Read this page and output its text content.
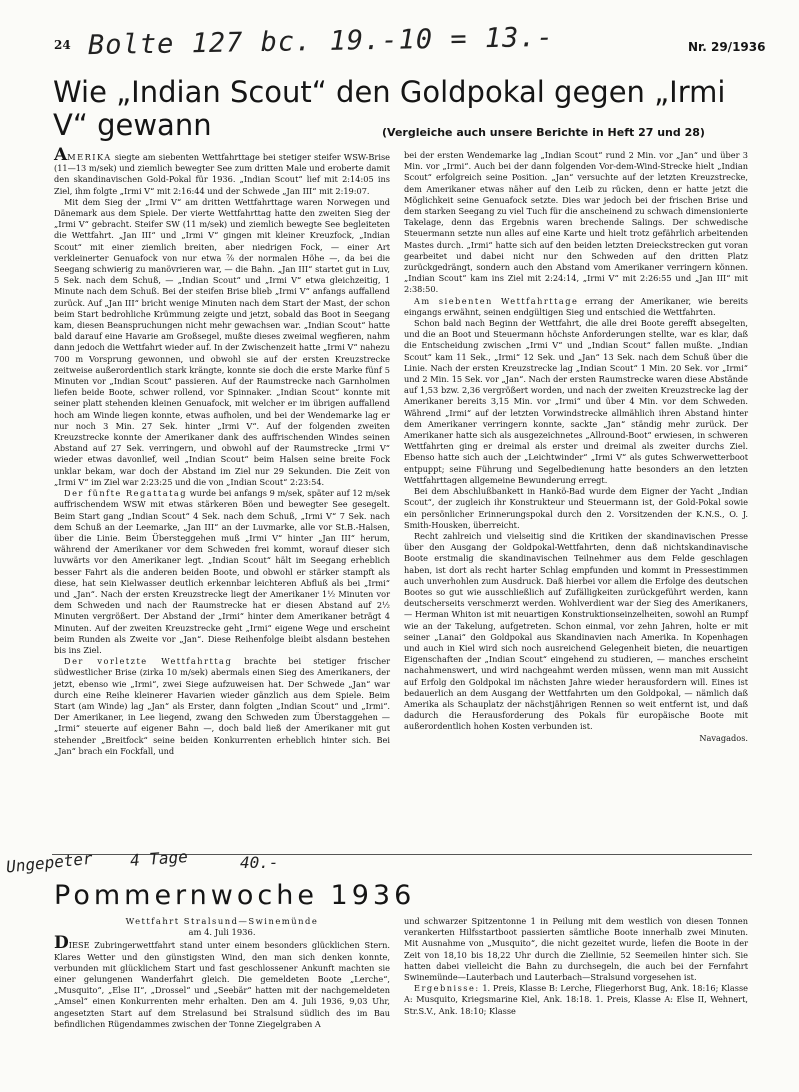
24 Bolte 127 bc. 19.-10 = 13.-	Nr. 29/1936
Wie „Indian Scout“ den Goldpokal gegen „Irmi V“ gewann	(Vergleiche auch unsere Berichte in Heft 27 und 28)

AMERIKA siegte am siebenten Wettfahrttage bei stetiger steifer WSW-Brise (11—13 m/sek) und ziemlich bewegter See zum dritten Male und eroberte damit den skandinavischen Gold-Pokal für 1936. „Indian Scout“ lief mit 2:14:05 ins Ziel, ihm folgte „Irmi V“ mit 2:16:44 und der Schwede „Jan III“ mit 2:19:07.

Mit dem Sieg der „Irmi V“ am dritten Wettfahrttage waren Norwegen und Dänemark aus dem Spiele. Der vierte Wettfahrttag hatte den zweiten Sieg der „Irmi V“ gebracht. Steifer SW (11 m/sek) und ziemlich bewegte See begleiteten die Wettfahrt. „Jan III“ und „Irmi V“ gingen mit kleiner Kreuzfock, „Indian Scout“ mit einer ziemlich breiten, aber niedrigen Fock, — einer Art verkleinerter Genuafock von nur etwa ⅞ der normalen Höhe —, da bei die Seegang schwierig zu manövrieren war, — die Bahn. „Jan III“ startet gut in Luv, 5 Sek. nach dem Schuß, — „Indian Scout“ und „Irmi V“ etwa gleichzeitig, 1 Minute nach dem Schuß. Bei der steifen Brise blieb „Irmi V“ anfangs auffallend zurück. Auf „Jan III“ bricht wenige Minuten nach dem Start der Mast, der schon beim Start bedrohliche Krümmung zeigte und jetzt, sobald das Boot in Seegang kam, diesen Beanspruchungen nicht mehr gewachsen war. „Indian Scout“ hatte bald darauf eine Havarie am Großsegel, mußte dieses zweimal wegfieren, nahm dann jedoch die Wettfahrt wieder auf. In der Zwischenzeit hatte „Irmi V“ nahezu 700 m Vorsprung gewonnen, und obwohl sie auf der ersten Kreuzstrecke zeitweise außerordentlich stark krängte, konnte sie doch die erste Marke fünf 5 Minuten vor „Indian Scout“ passieren. Auf der Raumstrecke nach Garnholmen liefen beide Boote, schwer rollend, vor Spinnaker. „Indian Scout“ konnte mit seiner platt stehenden kleinen Genuafock, mit welcher er im übrigen auffallend hoch am Winde liegen konnte, etwas aufholen, und bei der Wendemarke lag er nur noch 3 Min. 27 Sek. hinter „Irmi V“. Auf der folgenden zweiten Kreuzstrecke konnte der Amerikaner dank des auffrischenden Windes seinen Abstand auf 27 Sek. verringern, und obwohl auf der Raumstrecke „Irmi V“ wieder etwas davonlief, weil „Indian Scout“ beim Halsen seine breite Fock unklar bekam, war doch der Abstand im Ziel nur 29 Sekunden. Die Zeit von „Irmi V“ im Ziel war 2:23:25 und die von „Indian Scout“ 2:23:54.

Der fünfte Regattatag wurde bei anfangs 9 m/sek, später auf 12 m/sek auffrischendem WSW mit etwas stärkeren Böen und bewegter See gesegelt. Beim Start gang „Indian Scout“ 4 Sek. nach dem Schuß, „Irmi V“ 7 Sek. nach dem Schuß an der Leemarke, „Jan III“ an der Luvmarke, alle vor St.B.-Halsen, über die Linie. Beim Übersteggehen muß „Irmi V“ hinter „Jan III“ herum, während der Amerikaner vor dem Schweden frei kommt, worauf dieser sich luvwärts vor den Amerikaner legt. „Indian Scout“ hält im Seegang erheblich besser Fahrt als die anderen beiden Boote, und obwohl er stärker stampft als diese, hat sein Kielwasser deutlich erkennbar leichteren Abfluß als bei „Irmi“ und „Jan“. Nach der ersten Kreuzstrecke liegt der Amerikaner 1½ Minuten vor dem Schweden und nach der Raumstrecke hat er diesen Abstand auf 2½ Minuten vergrößert. Der Abstand der „Irmi“ hinter dem Amerikaner beträgt 4 Minuten. Auf der zweiten Kreuzstrecke geht „Irmi“ eigene Wege und erscheint beim Runden als Zweite vor „Jan“. Diese Reihenfolge bleibt alsdann bestehen bis ins Ziel.

Der vorletzte Wettfahrttag brachte bei stetiger frischer südwestlicher Brise (zirka 10 m/sek) abermals einen Sieg des Amerikaners, der jetzt, ebenso wie „Irmi“, zwei Siege aufzuweisen hat. Der Schwede „Jan“ war durch eine Reihe kleinerer Havarien wieder gänzlich aus dem Spiele. Beim Start (am Winde) lag „Jan“ als Erster, dann folgten „Indian Scout“ und „Irmi“. Der Amerikaner, in Lee liegend, zwang den Schweden zum Überstaggehen — „Irmi“ steuerte auf eigener Bahn —, doch bald ließ der Amerikaner mit gut stehender „Breitfock“ seine beiden Konkurrenten erheblich hinter sich. Bei „Jan“ brach ein Fockfall, und

bei der ersten Wendemarke lag „Indian Scout“ rund 2 Min. vor „Jan“ und über 3 Min. vor „Irmi“. Auch bei der dann folgenden Vor-dem-Wind-Strecke hielt „Indian Scout“ erfolgreich seine Position. „Jan“ versuchte auf der letzten Kreuzstrecke, dem Amerikaner etwas näher auf den Leib zu rücken, denn er hatte jetzt die Möglichkeit seine Genuafock setzte. Dies war jedoch bei der frischen Brise und dem starken Seegang zu viel Tuch für die anscheinend zu schwach dimensionierte Takelage, denn das Ergebnis waren brechende Salings. Der schwedische Steuermann setzte nun alles auf eine Karte und hielt trotz gefährlich arbeitenden Mastes durch. „Irmi“ hatte sich auf den beiden letzten Dreieckstrecken gut voran gearbeitet und dabei nicht nur den Schweden auf den dritten Platz zurückgedrängt, sondern auch den Abstand vom Amerikaner verringern können. „Indian Scout“ kam ins Ziel mit 2:24:14, „Irmi V“ mit 2:26:55 und „Jan III“ mit 2:38:50.

Am siebenten Wettfahrttage errang der Amerikaner, wie bereits eingangs erwähnt, seinen endgültigen Sieg und entschied die Wettfahrten.

Schon bald nach Beginn der Wettfahrt, die alle drei Boote gerefft absegelten, und die an Boot und Steuermann höchste Anforderungen stellte, war es klar, daß die Entscheidung zwischen „Irmi V“ und „Indian Scout“ fallen mußte. „Indian Scout“ kam 11 Sek., „Irmi“ 12 Sek. und „Jan“ 13 Sek. nach dem Schuß über die Linie. Nach der ersten Kreuzstrecke lag „Indian Scout“ 1 Min. 20 Sek. vor „Irmi“ und 2 Min. 15 Sek. vor „Jan“. Nach der ersten Raumstrecke waren diese Abstände auf 1,53 bzw. 2,36 vergrößert worden, und nach der zweiten Kreuzstrecke lag der Amerikaner bereits 3,15 Min. vor „Irmi“ und über 4 Min. vor dem Schweden. Während „Irmi“ auf der letzten Vorwindstrecke allmählich ihren Abstand hinter dem Amerikaner verringern konnte, sackte „Jan“ ständig mehr zurück. Der Amerikaner hatte sich als ausgezeichnetes „Allround-Boot“ erwiesen, in schweren Wettfahrten ging er dreimal als erster und dreimal als zweiter durchs Ziel. Ebenso hatte sich auch der „Leichtwinder“ „Irmi V“ als gutes Schwerwetterboot entpuppt; seine Führung und Segelbedienung hatte besonders an den letzten Wettfahrttagen allgemeine Bewunderung erregt.

Bei dem Abschlußbankett in Hankö-Bad wurde dem Eigner der Yacht „Indian Scout“, der zugleich ihr Konstrukteur und Steuermann ist, der Gold-Pokal sowie ein persönlicher Erinnerungspokal durch den 2. Vorsitzenden der K.N.S., O. J. Smith-Housken, überreicht.

Recht zahlreich und vielseitig sind die Kritiken der skandinavischen Presse über den Ausgang der Goldpokal-Wettfahrten, denn daß nichtskandinavische Boote erstmalig die skandinavischen Teilnehmer aus dem Felde geschlagen haben, ist dort als recht harter Schlag empfunden und kommt in Pressestimmen auch unverhohlen zum Ausdruck. Daß hierbei vor allem die Erfolge des deutschen Bootes so gut wie ausschließlich auf Zufälligkeiten zurückgeführt werden, kann deutscherseits verschmerzt werden. Wohlverdient war der Sieg des Amerikaners, — Herman Whiton ist mit neuartigen Konstruktionseinzelheiten, sowohl an Rumpf wie an der Takelung, aufgetreten. Schon einmal, vor zehn Jahren, holte er mit seiner „Lanai“ den Goldpokal aus Skandinavien nach Amerika. In Kopenhagen und auch in Kiel wird sich noch ausreichend Gelegenheit bieten, die neuartigen Eigenschaften der „Indian Scout“ eingehend zu studieren, — manches erscheint nachahmenswert, und wird nachgeahmt werden müssen, wenn man mit Aussicht auf Erfolg den Goldpokal im nächsten Jahre wieder herausfordern will. Eines ist bedauerlich an dem Ausgang der Wettfahrten um den Goldpokal, — nämlich daß Amerika als Schauplatz der nächstjährigen Rennen so weit entfernt ist, und daß dadurch die Herausforderung des Pokals für europäische Boote mit außerordentlich hohen Kosten verbunden ist.

Navagados.
Ungepeter 4 Tage	40.-
Pommernwoche 1936
Wettfahrt Stralsund—Swinemünde
am 4. Juli 1936.

DIESE Zubringerwettfahrt stand unter einem besonders glücklichen Stern. Klares Wetter und den günstigsten Wind, den man sich denken konnte, verbunden mit glücklichem Start und fast geschlossener Ankunft machten sie einer gelungenen Wanderfahrt gleich. Die gemeldeten Boote „Lerche“, „Musquito“, „Else II“, „Drossel“ und „Seebär“ hatten mit der nachgemeldeten „Amsel“ einen Konkurrenten mehr erhalten. Den am 4. Juli 1936, 9,03 Uhr, angesetzten Start auf dem Strelasund bei Stralsund südlich des im Bau befindlichen Rügendammes zwischen der Tonne Ziegelgraben A

und schwarzer Spitzentonne 1 in Peilung mit dem westlich von diesen Tonnen verankerten Hilfsstartboot passierten sämtliche Boote innerhalb zwei Minuten. Mit Ausnahme von „Musquito“, die nicht gezeitet wurde, liefen die Boote in der Zeit von 18,10 bis 18,22 Uhr durch die Ziellinie, 52 Seemeilen hinter sich. Sie hatten dabei vielleicht die Bahn zu durchsegeln, die auch bei der Fernfahrt Swinemünde—Lauterbach und Lauterbach—Stralsund vorgesehen ist.

Ergebnisse: 1. Preis, Klasse B: Lerche, Fliegerhorst Bug, Ank. 18:16; Klasse A: Musquito, Kriegsmarine Kiel, Ank. 18:18. 1. Preis, Klasse A: Else II, Wehnert, Str.S.V., Ank. 18:10; Klasse
